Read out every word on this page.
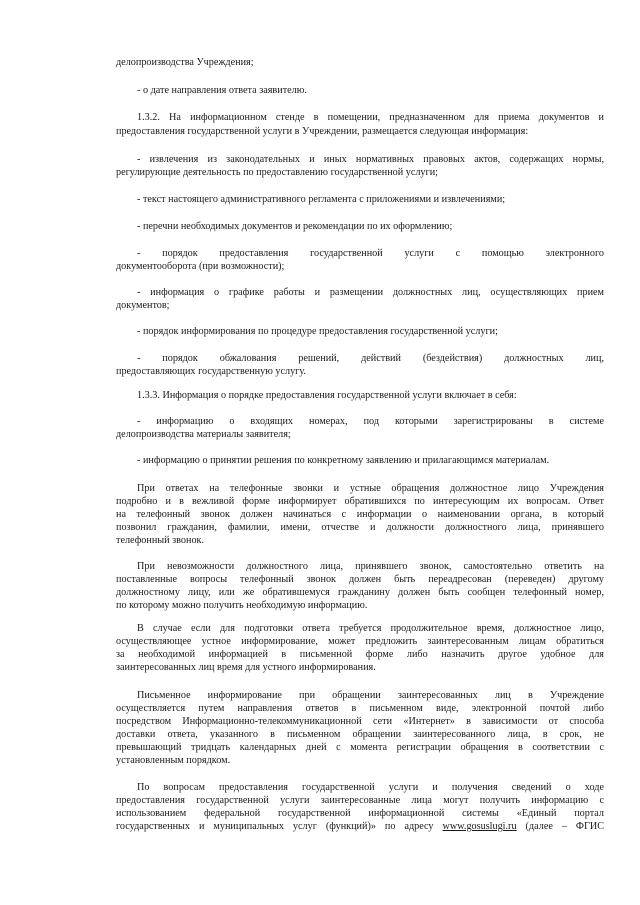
делопроизводства Учреждения;

- о дате направления ответа заявителю.

1.3.2. На информационном стенде в помещении, предназначенном для приема документов и

предоставления государственной услуги в Учреждении, размещается следующая информация:

- извлечения из законодательных и иных нормативных правовых актов, содержащих нормы,

регулирующие деятельность по предоставлению государственной услуги;

- текст настоящего административного регламента с приложениями и извлечениями;

- перечни необходимых документов и рекомендации по их оформлению;

- порядок предоставления государственной услуги с помощью электронного

документооборота (при возможности);

- информация о графике работы и размещении должностных лиц, осуществляющих прием

документов;

- порядок информирования по процедуре предоставления государственной услуги;

- порядок обжалования решений, действий (бездействия) должностных лиц,

предоставляющих государственную услугу.

1.3.3. Информация о порядке предоставления государственной услуги включает в себя:

- информацию о входящих номерах, под которыми зарегистрированы в системе

делопроизводства материалы заявителя;

- информацию о принятии решения по конкретному заявлению и прилагающимся материалам.

При ответах на телефонные звонки и устные обращения должностное лицо Учреждения

подробно и в вежливой форме информирует обратившихся по интересующим их вопросам. Ответ

на телефонный звонок должен начинаться с информации о наименовании органа, в который

позвонил гражданин, фамилии, имени, отчестве и должности должностного лица, принявшего

телефонный звонок.

При невозможности должностного лица, принявшего звонок, самостоятельно ответить на

поставленные вопросы телефонный звонок должен быть переадресован (переведен) другому

должностному лицу, или же обратившемуся гражданину должен быть сообщен телефонный номер,

по которому можно получить необходимую информацию.

В случае если для подготовки ответа требуется продолжительное время, должностное лицо,

осуществляющее устное информирование, может предложить заинтересованным лицам обратиться

за необходимой информацией в письменной форме либо назначить другое удобное для

заинтересованных лиц время для устного информирования.

Письменное информирование при обращении заинтересованных лиц в Учреждение

осуществляется путем направления ответов в письменном виде, электронной почтой либо

посредством Информационно-телекоммуникационной сети «Интернет» в зависимости от способа

доставки ответа, указанного в письменном обращении заинтересованного лица, в срок, не

превышающий тридцать календарных дней с момента регистрации обращения в соответствии с

установленным порядком.

По вопросам предоставления государственной услуги и получения сведений о ходе

предоставления государственной услуги заинтересованные лица могут получить информацию с

использованием федеральной государственной информационной системы «Единый портал

государственных и муниципальных услуг (функций)» по адресу www.gosuslugi.ru (далее – ФГИС
